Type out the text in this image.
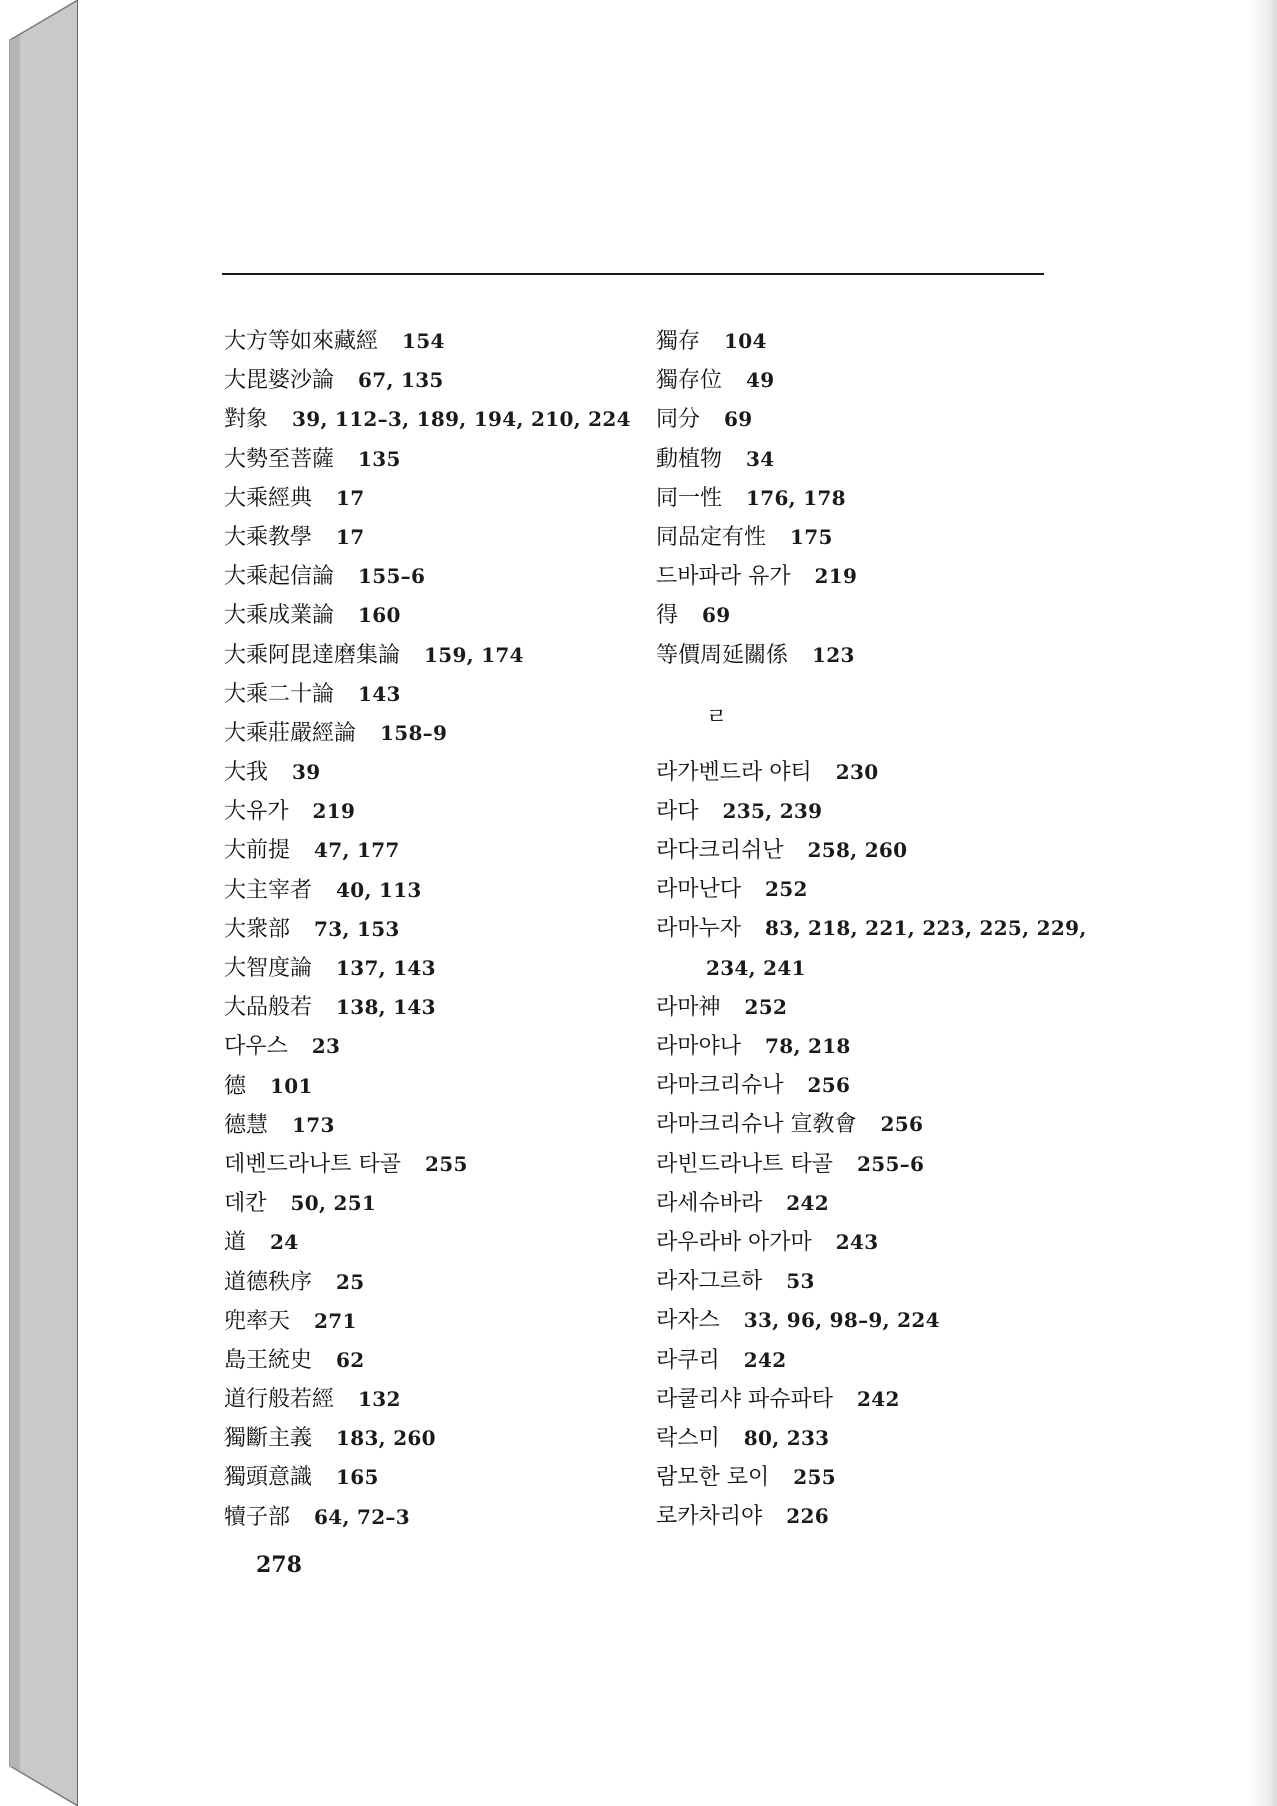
大方等如來藏經 154
大毘婆沙論 67, 135
對象 39, 112–3, 189, 194, 210, 224
大勢至菩薩 135
大乘經典 17
大乘教學 17
大乘起信論 155–6
大乘成業論 160
大乘阿毘達磨集論 159, 174
大乘二十論 143
大乘莊嚴經論 158–9
大我 39
大유가 219
大前提 47, 177
大主宰者 40, 113
大衆部 73, 153
大智度論 137, 143
大品般若 138, 143
다우스 23
德 101
德慧 173
데벤드라나트 타골 255
데칸 50, 251
道 24
道德秩序 25
兜率天 271
島王統史 62
道行般若經 132
獨斷主義 183, 260
獨頭意識 165
犢子部 64, 72–3
獨存 104
獨存位 49
同分 69
動植物 34
同一性 176, 178
同品定有性 175
드바파라 유가 219
得 69
等價周延關係 123
ㄹ
라가벤드라 야티 230
라다 235, 239
라다크리쉬난 258, 260
라마난다 252
라마누자 83, 218, 221, 223, 225, 229,
234, 241
라마神 252
라마야나 78, 218
라마크리슈나 256
라마크리슈나 宣敎會 256
라빈드라나트 타골 255–6
라세슈바라 242
라우라바 아가마 243
라자그르하 53
라자스 33, 96, 98–9, 224
라쿠리 242
라쿨리샤 파슈파타 242
락스미 80, 233
람모한 로이 255
로카차리야 226
278
